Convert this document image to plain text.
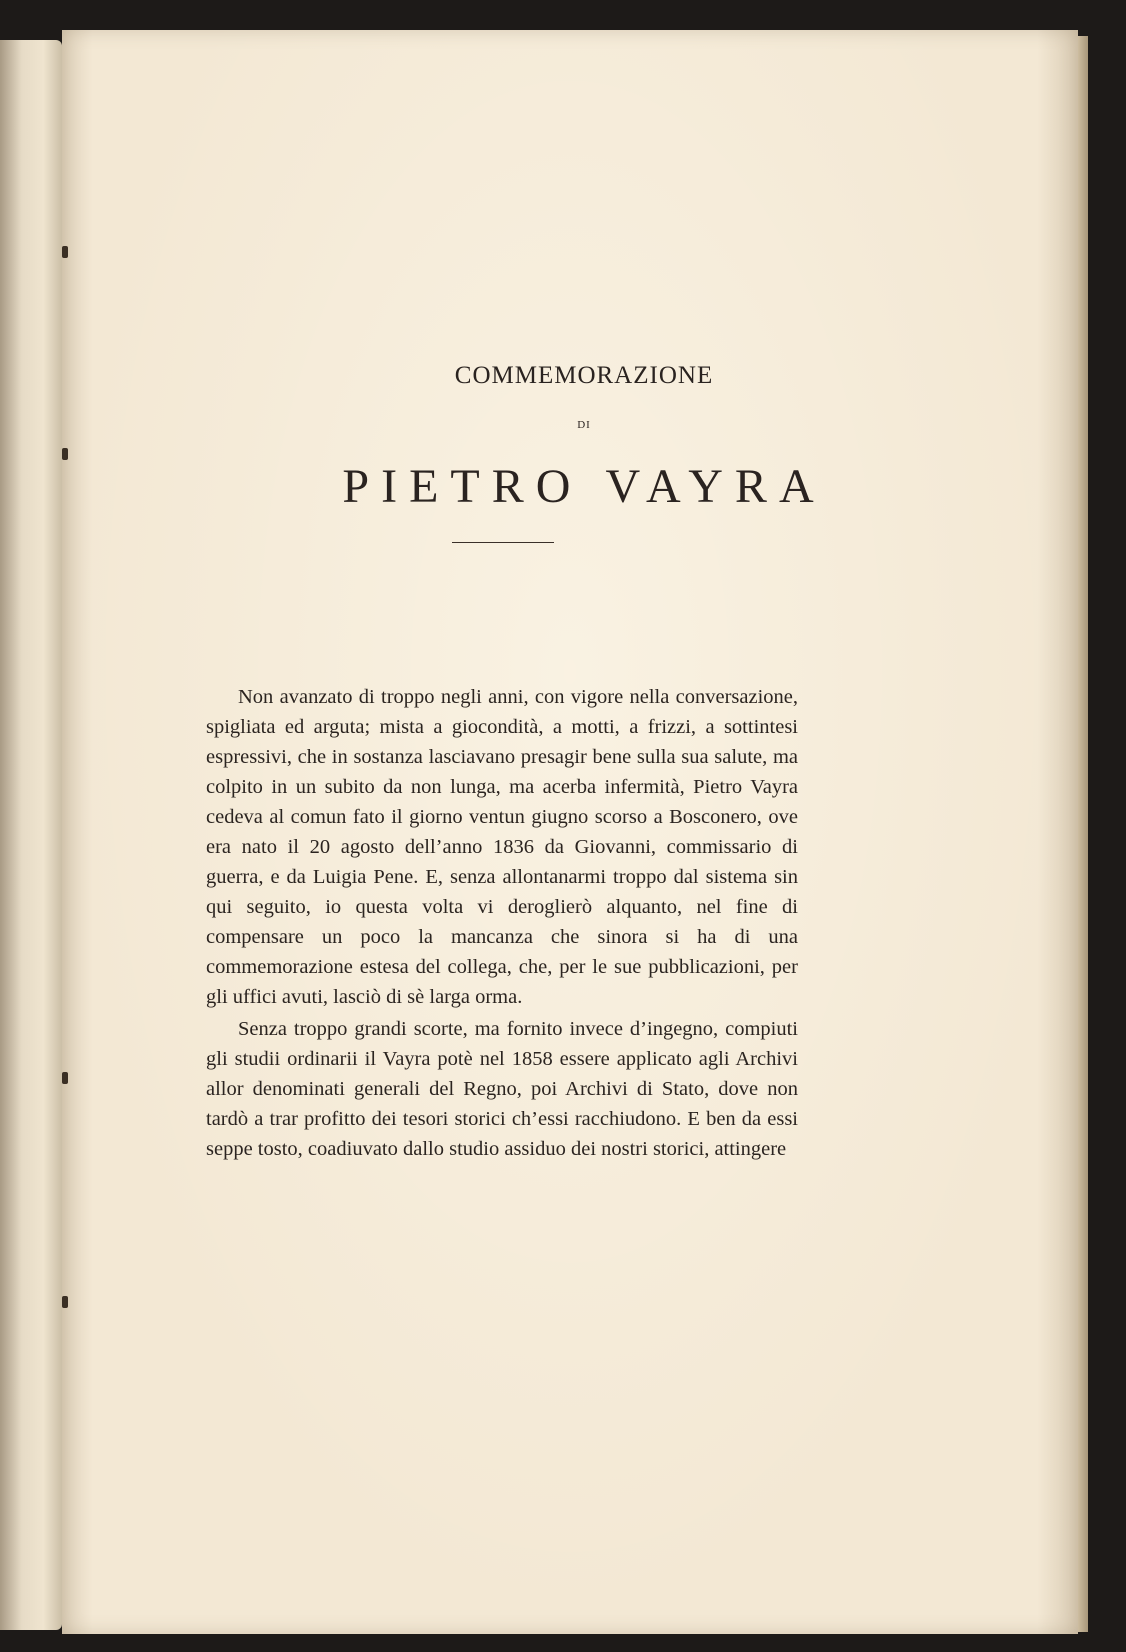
COMMEMORAZIONE
DI
PIETRO VAYRA

Non avanzato di troppo negli anni, con vigore nella conversazione, spigliata ed arguta; mista a giocondità, a motti, a frizzi, a sottintesi espressivi, che in sostanza lasciavano presagir bene sulla sua salute, ma colpito in un subito da non lunga, ma acerba infermità, Pietro Vayra cedeva al comun fato il giorno ventun giugno scorso a Bosconero, ove era nato il 20 agosto dell’anno 1836 da Giovanni, commissario di guerra, e da Luigia Pene. E, senza allontanarmi troppo dal sistema sin qui seguito, io questa volta vi deroglierò alquanto, nel fine di compensare un poco la mancanza che sinora si ha di una commemorazione estesa del collega, che, per le sue pubblicazioni, per gli uffici avuti, lasciò di sè larga orma.

Senza troppo grandi scorte, ma fornito invece d’ingegno, compiuti gli studii ordinarii il Vayra potè nel 1858 essere applicato agli Archivi allor denominati generali del Regno, poi Archivi di Stato, dove non tardò a trar profitto dei tesori storici ch’essi racchiudono. E ben da essi seppe tosto, coadiuvato dallo studio assiduo dei nostri storici, attingere
